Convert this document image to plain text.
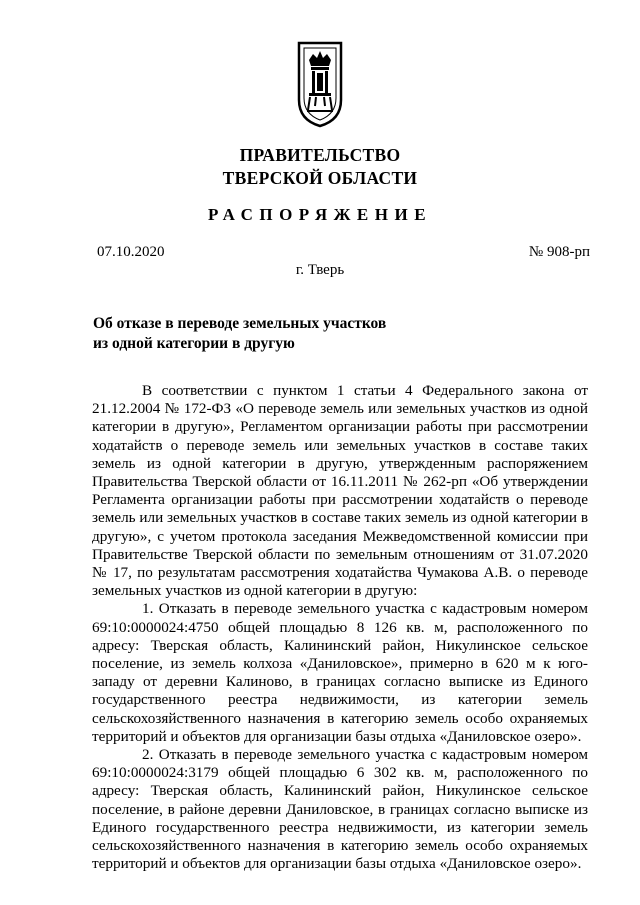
ПРАВИТЕЛЬСТВО
ТВЕРСКОЙ ОБЛАСТИ
РАСПОРЯЖЕНИЕ
07.10.2020	№ 908-рп
г. Тверь
Об отказе в переводе земельных участков
из одной категории в другую

В соответствии с пунктом 1 статьи 4 Федерального закона от 21.12.2004 № 172-ФЗ «О переводе земель или земельных участков из одной категории в другую», Регламентом организации работы при рассмотрении ходатайств о переводе земель или земельных участков в составе таких земель из одной категории в другую, утвержденным распоряжением Правительства Тверской области от 16.11.2011 № 262-рп «Об утверждении Регламента организации работы при рассмотрении ходатайств о переводе земель или земельных участков в составе таких земель из одной категории в другую», с учетом протокола заседания Межведомственной комиссии при Правительстве Тверской области по земельным отношениям от 31.07.2020 № 17, по результатам рассмотрения ходатайства Чумакова А.В. о переводе земельных участков из одной категории в другую:

1. Отказать в переводе земельного участка с кадастровым номером 69:10:0000024:4750 общей площадью 8 126 кв. м, расположенного по адресу: Тверская область, Калининский район, Никулинское сельское поселение, из земель колхоза «Даниловское», примерно в 620 м к юго-западу от деревни Калиново, в границах согласно выписке из Единого государственного реестра недвижимости, из категории земель сельскохозяйственного назначения в категорию земель особо охраняемых территорий и объектов для организации базы отдыха «Даниловское озеро».

2. Отказать в переводе земельного участка с кадастровым номером 69:10:0000024:3179 общей площадью 6 302 кв. м, расположенного по адресу: Тверская область, Калининский район, Никулинское сельское поселение, в районе деревни Даниловское, в границах согласно выписке из Единого государственного реестра недвижимости, из категории земель сельскохозяйственного назначения в категорию земель особо охраняемых территорий и объектов для организации базы отдыха «Даниловское озеро».
